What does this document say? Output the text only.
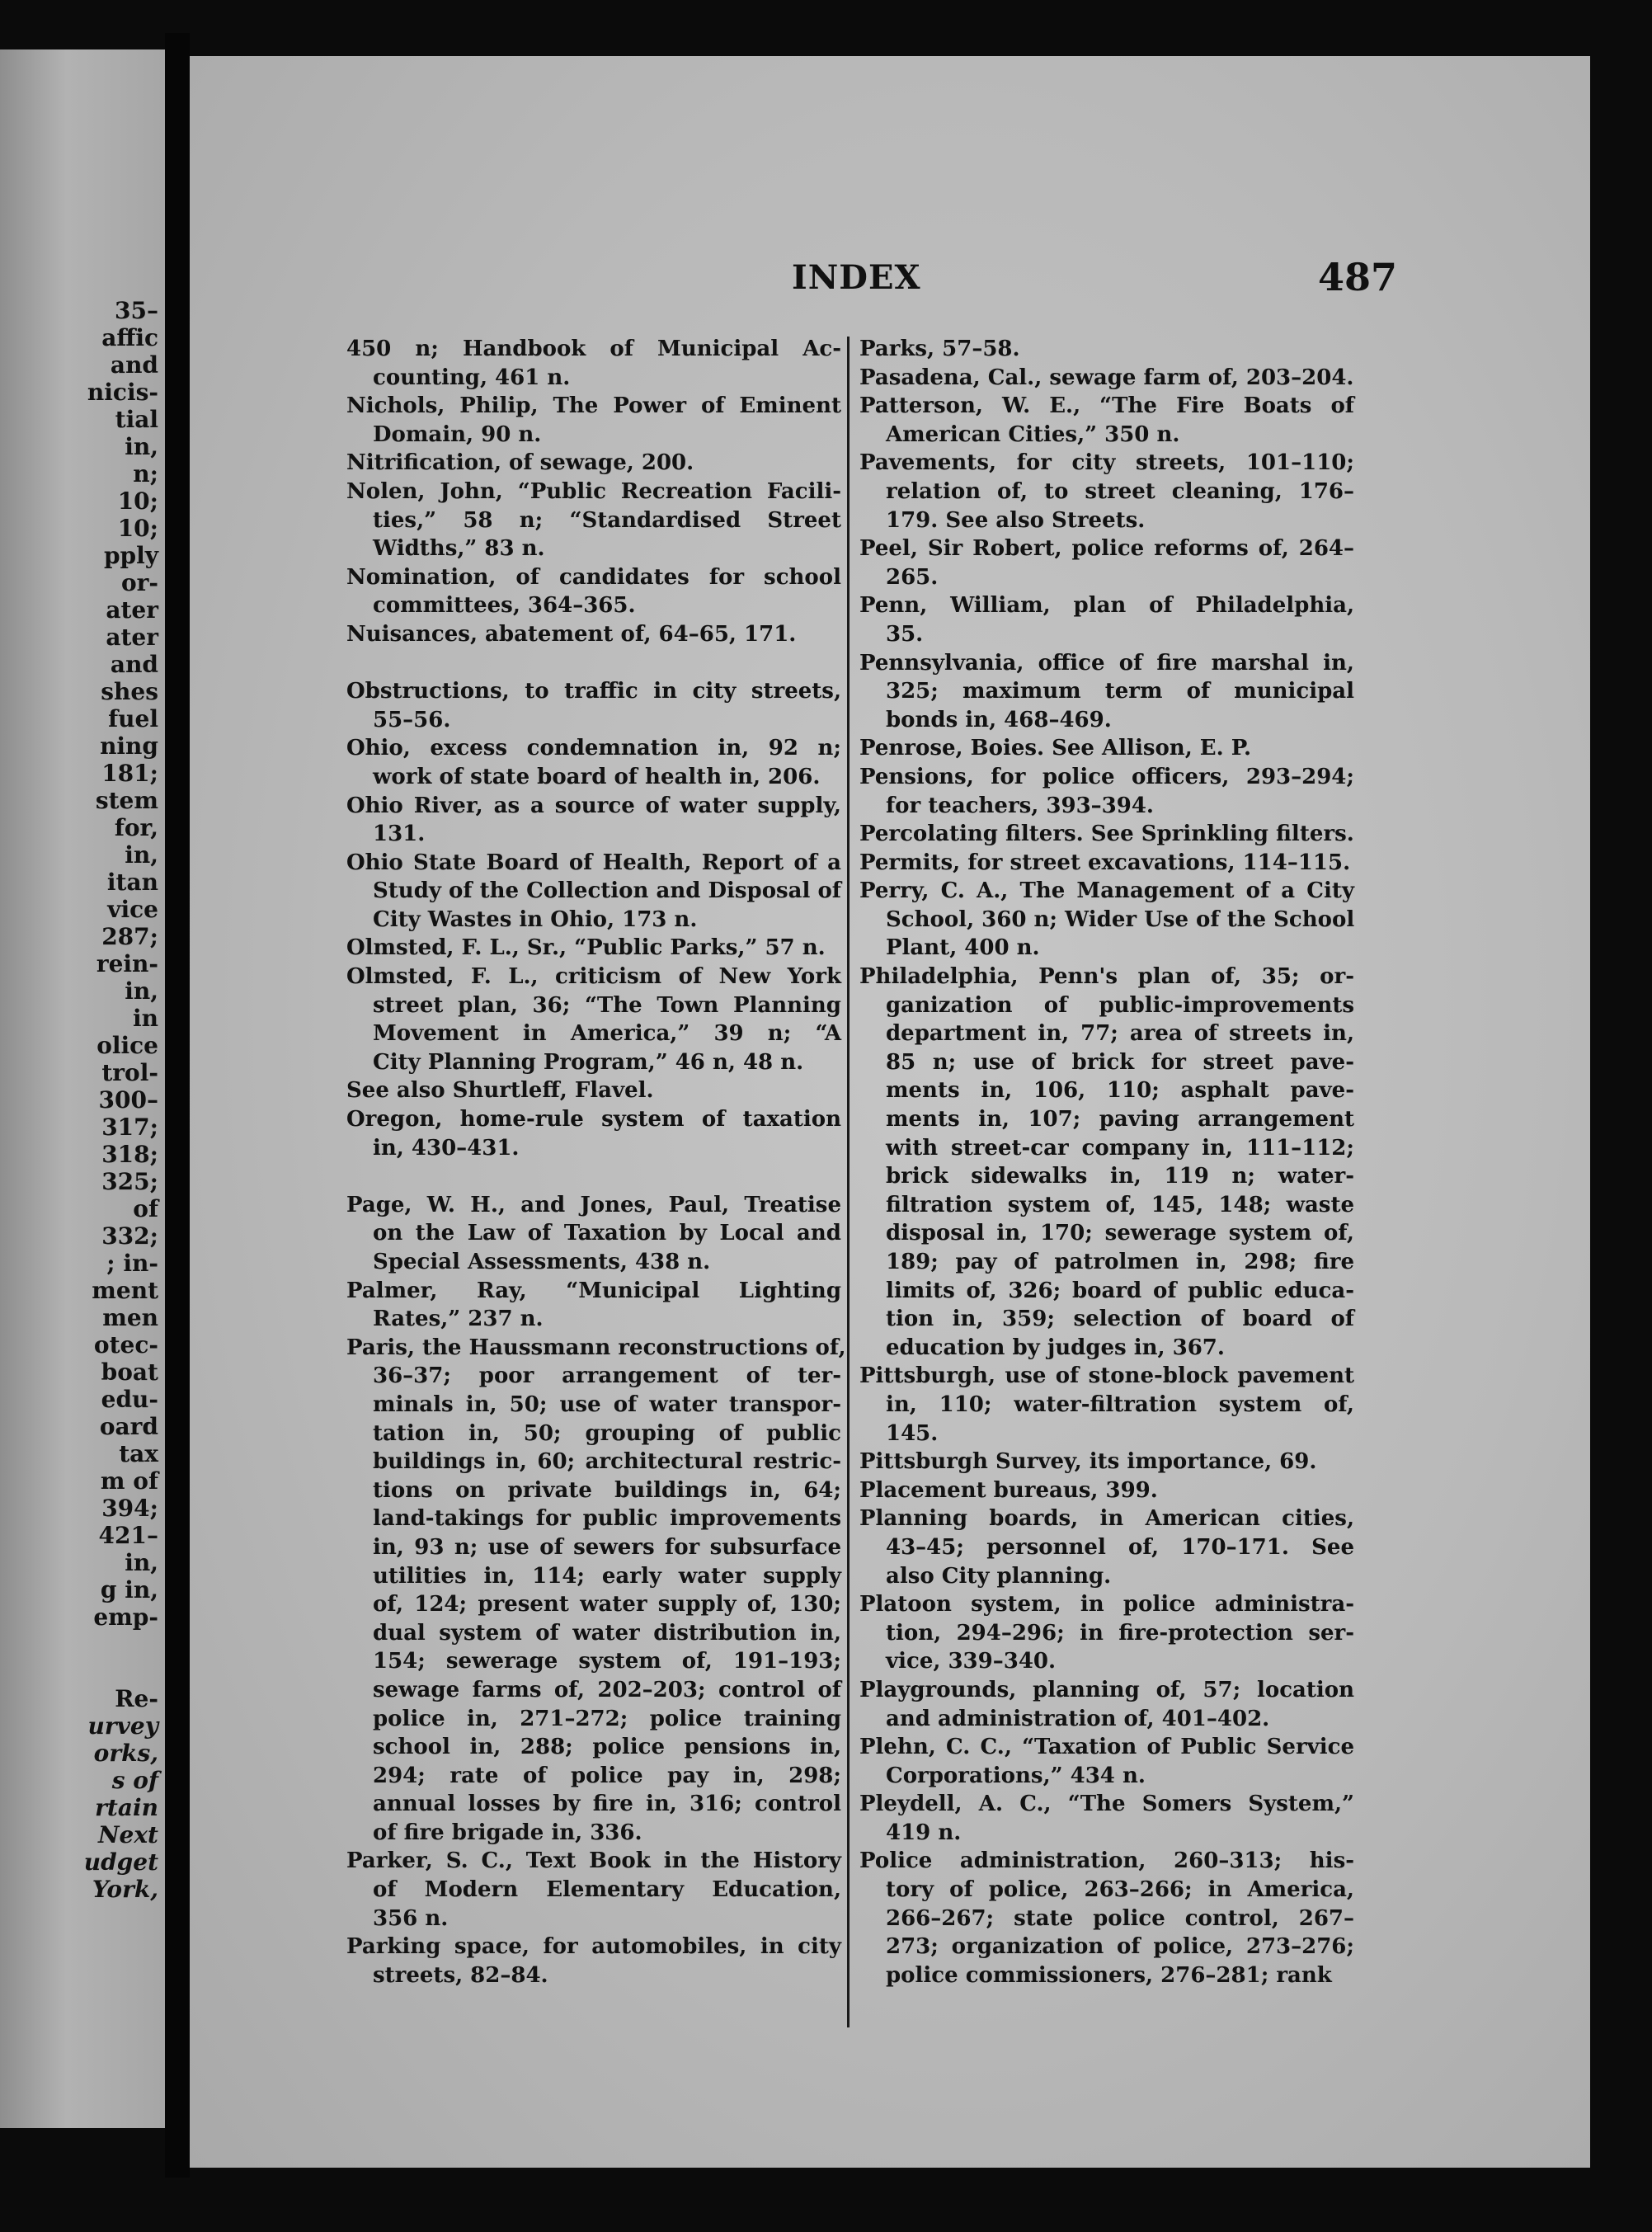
35–
affic
and
nicis-
tial
in,
n;
10;
10;
pply
or-
ater
ater
and
shes
fuel
ning
181;
stem
for,
in,
itan
vice
287;
rein-
in,
in
olice
trol-
300–
317;
318;
325;
of
332;
; in-
ment
men
otec-
boat
edu-
oard
tax
m of
394;
421–
in,
g in,
emp-
Re-
urvey
orks,
s of
rtain
Next
udget
York,
INDEX	487
450 n; Handbook of Municipal Ac-
counting, 461 n.
Nichols, Philip, The Power of Eminent
Domain, 90 n.
Nitrification, of sewage, 200.
Nolen, John, “Public Recreation Facili-
ties,” 58 n; “Standardised Street
Widths,” 83 n.
Nomination, of candidates for school
committees, 364–365.
Nuisances, abatement of, 64–65, 171.
Obstructions, to traffic in city streets,
55–56.
Ohio, excess condemnation in, 92 n;
work of state board of health in, 206.
Ohio River, as a source of water supply,
131.
Ohio State Board of Health, Report of a
Study of the Collection and Disposal of
City Wastes in Ohio, 173 n.
Olmsted, F. L., Sr., “Public Parks,” 57 n.
Olmsted, F. L., criticism of New York
street plan, 36; “The Town Planning
Movement in America,” 39 n; “A
City Planning Program,” 46 n, 48 n.
See also Shurtleff, Flavel.
Oregon, home-rule system of taxation
in, 430–431.
Page, W. H., and Jones, Paul, Treatise
on the Law of Taxation by Local and
Special Assessments, 438 n.
Palmer, Ray, “Municipal Lighting
Rates,” 237 n.
Paris, the Haussmann reconstructions of,
36–37; poor arrangement of ter-
minals in, 50; use of water transpor-
tation in, 50; grouping of public
buildings in, 60; architectural restric-
tions on private buildings in, 64;
land-takings for public improvements
in, 93 n; use of sewers for subsurface
utilities in, 114; early water supply
of, 124; present water supply of, 130;
dual system of water distribution in,
154; sewerage system of, 191–193;
sewage farms of, 202–203; control of
police in, 271–272; police training
school in, 288; police pensions in,
294; rate of police pay in, 298;
annual losses by fire in, 316; control
of fire brigade in, 336.
Parker, S. C., Text Book in the History
of Modern Elementary Education,
356 n.
Parking space, for automobiles, in city
streets, 82–84.
Parks, 57–58.
Pasadena, Cal., sewage farm of, 203–204.
Patterson, W. E., “The Fire Boats of
American Cities,” 350 n.
Pavements, for city streets, 101–110;
relation of, to street cleaning, 176–
179. See also Streets.
Peel, Sir Robert, police reforms of, 264–
265.
Penn, William, plan of Philadelphia,
35.
Pennsylvania, office of fire marshal in,
325; maximum term of municipal
bonds in, 468–469.
Penrose, Boies. See Allison, E. P.
Pensions, for police officers, 293–294;
for teachers, 393–394.
Percolating filters. See Sprinkling filters.
Permits, for street excavations, 114–115.
Perry, C. A., The Management of a City
School, 360 n; Wider Use of the School
Plant, 400 n.
Philadelphia, Penn's plan of, 35; or-
ganization of public-improvements
department in, 77; area of streets in,
85 n; use of brick for street pave-
ments in, 106, 110; asphalt pave-
ments in, 107; paving arrangement
with street-car company in, 111–112;
brick sidewalks in, 119 n; water-
filtration system of, 145, 148; waste
disposal in, 170; sewerage system of,
189; pay of patrolmen in, 298; fire
limits of, 326; board of public educa-
tion in, 359; selection of board of
education by judges in, 367.
Pittsburgh, use of stone-block pavement
in, 110; water-filtration system of,
145.
Pittsburgh Survey, its importance, 69.
Placement bureaus, 399.
Planning boards, in American cities,
43–45; personnel of, 170–171. See
also City planning.
Platoon system, in police administra-
tion, 294–296; in fire-protection ser-
vice, 339–340.
Playgrounds, planning of, 57; location
and administration of, 401–402.
Plehn, C. C., “Taxation of Public Service
Corporations,” 434 n.
Pleydell, A. C., “The Somers System,”
419 n.
Police administration, 260–313; his-
tory of police, 263–266; in America,
266–267; state police control, 267–
273; organization of police, 273–276;
police commissioners, 276–281; rank
